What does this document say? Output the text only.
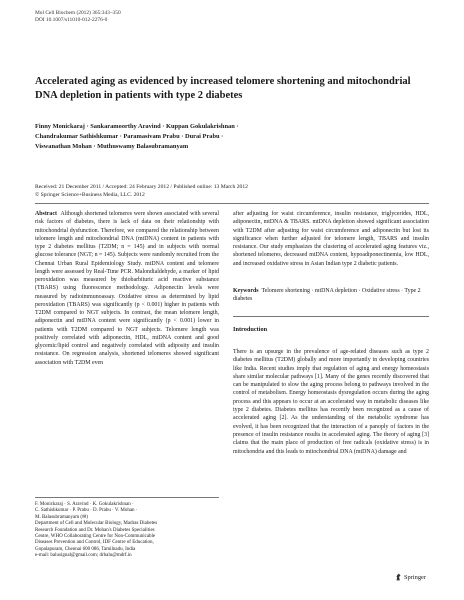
Mol Cell Biochem (2012) 365:343–350
DOI 10.1007/s11010-012-2276-0
Accelerated aging as evidenced by increased telomere shortening and mitochondrial DNA depletion in patients with type 2 diabetes
Finny Monickaraj · Sankaramoorthy Aravind · Kuppan Gokulakrishnan ·
Chandrakumar Sathishkumar · Paramasivam Prabu · Durai Prabu ·
Viswanathan Mohan · Muthuswamy Balasubramanyam
Received: 21 December 2011 / Accepted: 24 February 2012 / Published online: 13 March 2012
© Springer Science+Business Media, LLC. 2012

Abstract Although shortened telomeres were shown associated with several risk factors of diabetes, there is lack of data on their relationship with mitochondrial dysfunction. Therefore, we compared the relationship between telomere length and mitochondrial DNA (mtDNA) content in patients with type 2 diabetes mellitus (T2DM; n = 145) and in subjects with normal glucose tolerance (NGT; n = 145). Subjects were randomly recruited from the Chennai Urban Rural Epidemiology Study. mtDNA content and telomere length were assessed by Real-Time PCR. Malondialdehyde, a marker of lipid peroxidation was measured by thiobarbituric acid reactive substance (TBARS) using fluorescence methodology. Adiponectin levels were measured by radioimmunoassay. Oxidative stress as determined by lipid peroxidation (TBARS) was significantly (p < 0.001) higher in patients with T2DM compared to NGT subjects. In contrast, the mean telomere length, adiponectin and mtDNA content were significantly (p < 0.001) lower in patients with T2DM compared to NGT subjects. Telomere length was positively correlated with adiponectin, HDL, mtDNA content and good glycemic/lipid control and negatively correlated with adiposity and insulin resistance. On regression analysis, shortened telomeres showed significant association with T2DM even

after adjusting for waist circumference, insulin resistance, triglycerides, HDL, adiponectin, mtDNA & TBARS. mtDNA depletion showed significant association with T2DM after adjusting for waist circumference and adiponectin but lost its significance when further adjusted for telomere length, TBARS and insulin resistance. Our study emphasizes the clustering of accelerated aging features viz., shortened telomeres, decreased mtDNA content, hypoadiponectinemia, low HDL, and increased oxidative stress in Asian Indian type 2 diabetic patients.

Keywords Telomere shortening · mtDNA depletion · Oxidative stress · Type 2 diabetes
Introduction
There is an upsurge in the prevalence of age-related diseases such as type 2 diabetes mellitus (T2DM) globally and more importantly in developing countries like India. Recent studies imply that regulation of aging and energy homeostasis share similar molecular pathways [1]. Many of the genes recently discovered that can be manipulated to slow the aging process belong to pathways involved in the control of metabolism. Energy homeostasis dysregulation occurs during the aging process and this appears to occur at an accelerated way in metabolic diseases like type 2 diabetes. Diabetes mellitus has recently been recognized as a cause of accelerated aging [2]. As the understanding of the metabolic syndrome has evolved, it has been recognized that the interaction of a panoply of factors in the presence of insulin resistance results in accelerated aging. The theory of aging [3] claims that the main place of production of free radicals (oxidative stress) is in mitochondria and this leads to mitochondrial DNA (mtDNA) damage and

F. Monickaraj · S. Aravind · K. Gokulakrishnan ·

C. Sathishkumar · P. Prabu · D. Prabu · V. Mohan ·

M. Balasubramanyam (✉)

Department of Cell and Molecular Biology, Madras Diabetes

Research Foundation and Dr. Mohan's Diabetes Specialities

Centre, WHO Collaborating Centre for Non-Communicable

Diseases Prevention and Control, IDF Centre of Education,

Gopalapuram, Chennai 600 086, Tamilnadu, India

e-mail: balusignal@gmail.com; drbalu@mdrf.in

Springer
